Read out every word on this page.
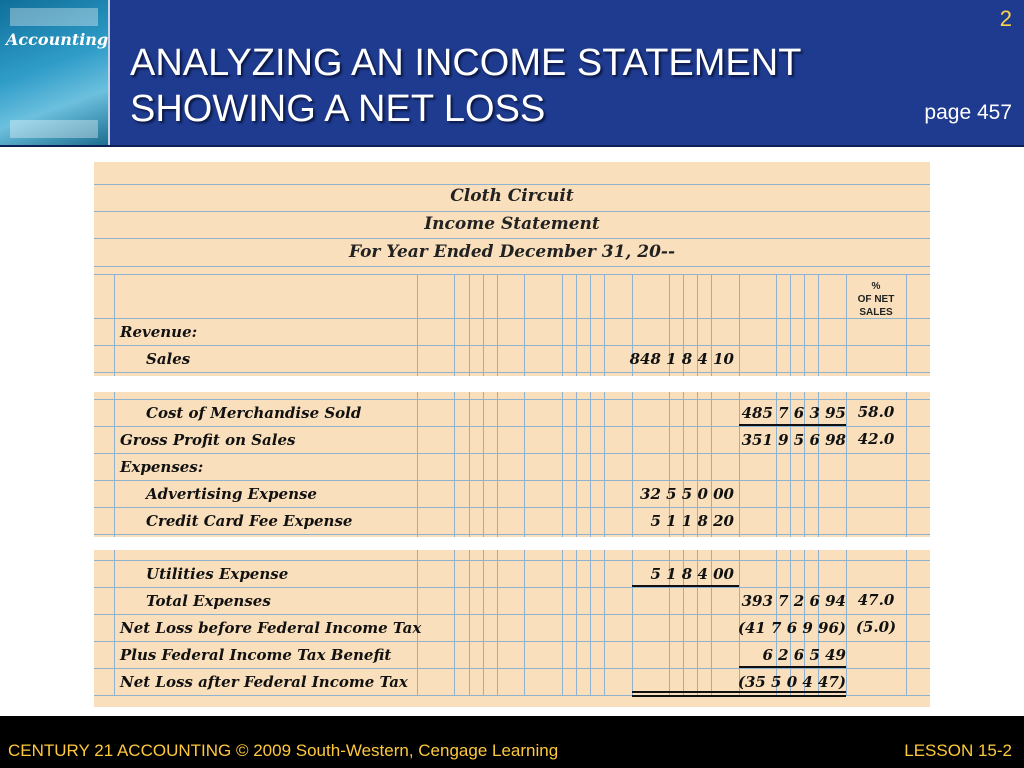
Accounting
ANALYZING AN INCOME STATEMENT
SHOWING A NET LOSS
2
page 457
Cloth Circuit
Income Statement
For Year Ended December 31, 20--
%
OF NET
SALES
Revenue:
Sales	848 1 8 4 10
Cost of Merchandise Sold	485 7 6 3 95 58.0
Gross Profit on Sales	351 9 5 6 98 42.0
Expenses:
Advertising Expense	32 5 5 0 00
Credit Card Fee Expense	5 1 1 8 20
Utilities Expense	5 1 8 4 00
Total Expenses	393 7 2 6 94 47.0
Net Loss before Federal Income Tax	(41 7 6 9 96) (5.0)
Plus Federal Income Tax Benefit	6 2 6 5 49
Net Loss after Federal Income Tax	(35 5 0 4 47)
CENTURY 21 ACCOUNTING © 2009 South-Western, Cengage Learning	LESSON 15-2
